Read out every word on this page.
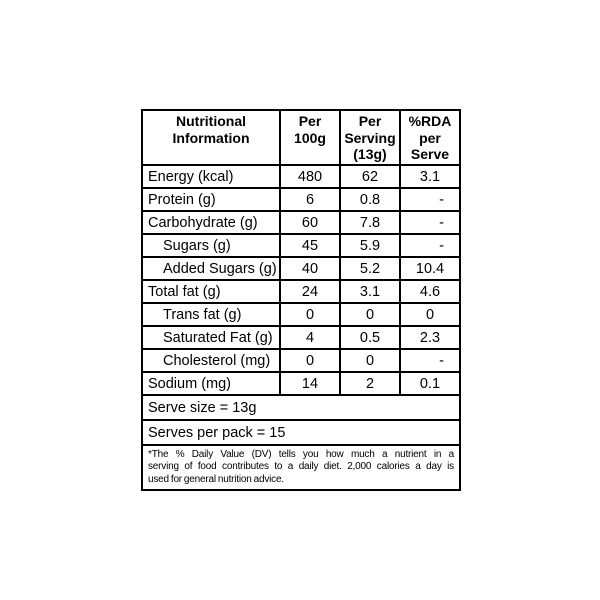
Nutritional Information	Per 100g	Per Serving (13g)	%RDA per Serve
Energy (kcal)	480	62	3.1
Protein (g)	6	0.8	-
Carbohydrate (g)	60	7.8	-
Sugars (g)	45	5.9	-
Added Sugars (g)	40	5.2	10.4
Total fat (g)	24	3.1	4.6
Trans fat (g)	0	0	0
Saturated Fat (g)	4	0.5	2.3
Cholesterol (mg)	0	0	-
Sodium (mg)	14	2	0.1
Serve size = 13g			
Serves per pack = 15			

*The % Daily Value (DV) tells you how much a nutrient in a
serving of food contributes to a daily diet. 2,000 calories a day is
used for general nutrition advice.			
